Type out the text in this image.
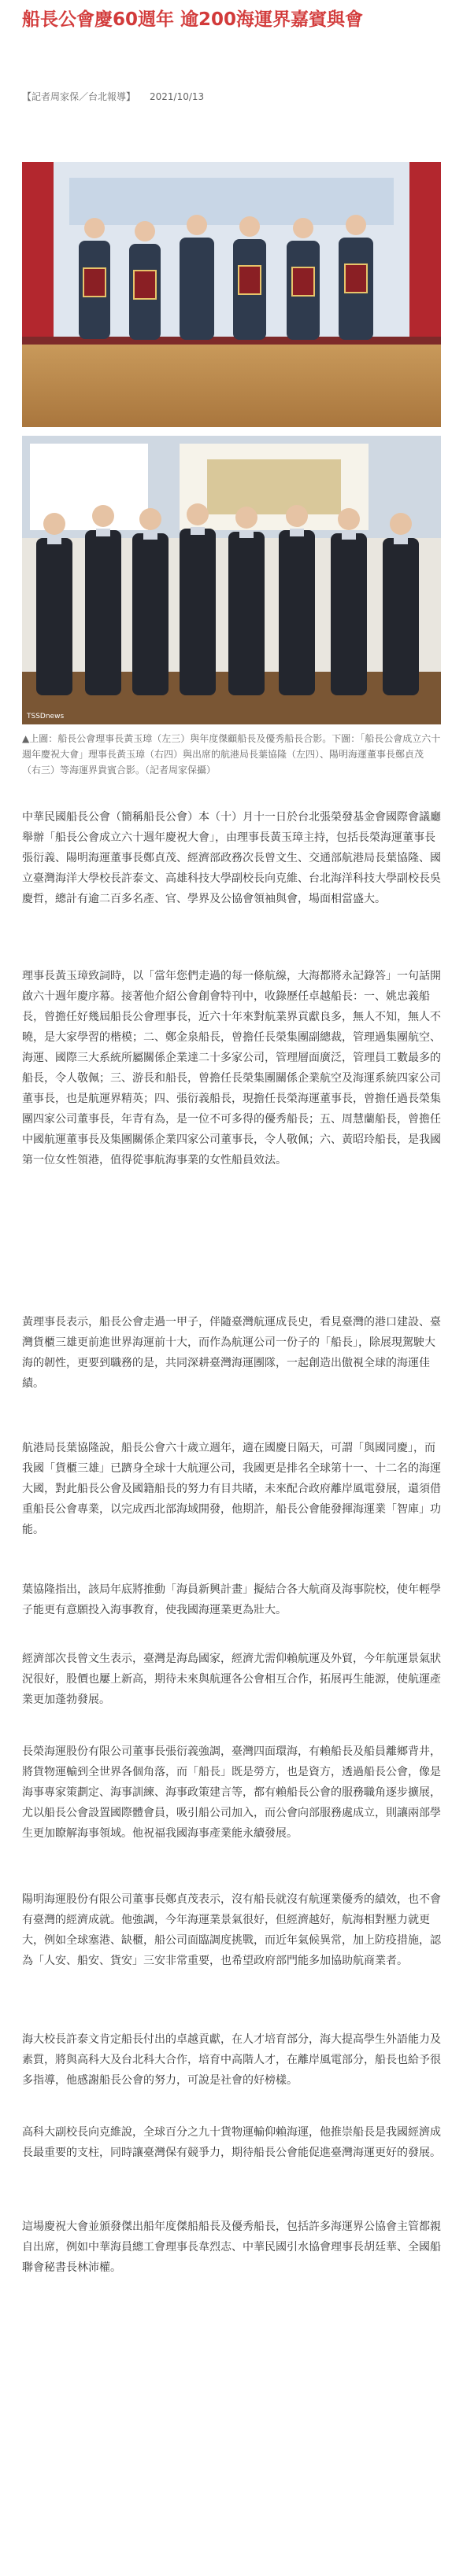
船長公會慶60週年 逾200海運界嘉賓與會
【記者周家保／台北報導】 2021/10/13
TSSDnews
▲上圖：船長公會理事長黃玉璋（左三）與年度傑顧船長及優秀船長合影。下圖：「船長公會成立六十週年慶祝大會」理事長黃玉璋（右四）與出席的航港局長葉協隆（左四）、陽明海運董事長鄭貞茂（右三）等海運界貴賓合影。（記者周家保攝）

中華民國船長公會（簡稱船長公會）本（十）月十一日於台北張榮發基金會國際會議廳舉辦「船長公會成立六十週年慶祝大會」，由理事長黃玉璋主持，包括長榮海運董事長張衍義、陽明海運董事長鄭貞茂、經濟部政務次長曾文生、交通部航港局長葉協隆、國立臺灣海洋大學校長許泰文、高雄科技大學副校長向克維、台北海洋科技大學副校長吳慶哲，總計有逾二百多名產、官、學界及公協會領袖與會，場面相當盛大。

理事長黃玉璋致詞時，以「當年您們走過的每一條航線，大海都將永記錄答」一句話開啟六十週年慶序幕。接著他介紹公會創會特刊中，收錄歷任卓越船長：一、姚忠義船長，曾擔任好幾屆船長公會理事長，近六十年來對航業界貢獻良多，無人不知，無人不曉，是大家學習的楷模；二、鄭金泉船長，曾擔任長榮集團副總裁，管理過集團航空、海運、國際三大系統所屬關係企業達二十多家公司，管理層面廣泛，管理員工數最多的船長，令人敬佩；三、游長和船長，曾擔任長榮集團關係企業航空及海運系統四家公司董事長，也是航運界精英；四、張衍義船長，現擔任長榮海運董事長，曾擔任過長榮集團四家公司董事長，年青有為，是一位不可多得的優秀船長；五、周慧蘭船長，曾擔任中國航運董事長及集團關係企業四家公司董事長，令人敬佩；六、黃昭玲船長，是我國第一位女性領港，值得從事航海事業的女性船員效法。

黃理事長表示，船長公會走過一甲子，伴隨臺灣航運成長史，看見臺灣的港口建設、臺灣貨櫃三雄更前進世界海運前十大，而作為航運公司一份子的「船長」，除展現駕駛大海的韌性，更要到職務的是，共同深耕臺灣海運團隊，一起創造出傲視全球的海運佳績。

航港局長葉協隆說，船長公會六十歲立週年，適在國慶日隔天，可謂「與國同慶」，而我國「貨櫃三雄」已躋身全球十大航運公司，我國更是排名全球第十一、十二名的海運大國，對此船長公會及國籍船長的努力有目共睹，未來配合政府離岸風電發展，還須借重船長公會專業，以完成西北部海域開發，他期許，船長公會能發揮海運業「智庫」功能。

葉協隆指出，該局年底將推動「海員新興計畫」擬結合各大航商及海事院校，使年輕學子能更有意願投入海事教育，使我國海運業更為壯大。

經濟部次長曾文生表示，臺灣是海島國家，經濟尤需仰賴航運及外貿，今年航運景氣狀況很好，股價也屢上新高，期待未來與航運各公會相互合作，拓展再生能源，使航運產業更加蓬勃發展。

長榮海運股份有限公司董事長張衍義強調，臺灣四面環海，有賴船長及船員離鄉背井，將貨物運輸到全世界各個角落，而「船長」既是勞方，也是資方，透過船長公會，像是海事專家策劃定、海事訓練、海事政策建言等，都有賴船長公會的服務職角逐步擴展，尤以船長公會設置國際體會員，吸引船公司加入，而公會向部服務處成立，則讓兩部學生更加瞭解海事領域。他祝福我國海事產業能永續發展。

陽明海運股份有限公司董事長鄭貞茂表示，沒有船長就沒有航運業優秀的績效，也不會有臺灣的經濟成就。他強調，今年海運業景氣很好，但經濟越好，航海相對壓力就更大，例如全球塞港、缺櫃，船公司面臨調度挑戰，而近年氣候異常，加上防疫措施，認為「人安、船安、貨安」三安非常重要，也希望政府部門能多加協助航商業者。

海大校長許泰文肯定船長付出的卓越貢獻，在人才培育部分，海大提高學生外語能力及素質，將與高科大及台北科大合作，培育中高階人才，在離岸風電部分，船長也給予很多指導，他感謝船長公會的努力，可說是社會的好榜樣。

高科大副校長向克維說，全球百分之九十貨物運輸仰賴海運，他推崇船長是我國經濟成長最重要的支柱，同時讓臺灣保有競爭力，期待船長公會能促進臺灣海運更好的發展。

這場慶祝大會並頒發傑出船年度傑船船長及優秀船長，包括許多海運界公協會主管都親自出席，例如中華海員總工會理事長韋烈志、中華民國引水協會理事長胡廷華、全國船聯會秘書長林沛權。
